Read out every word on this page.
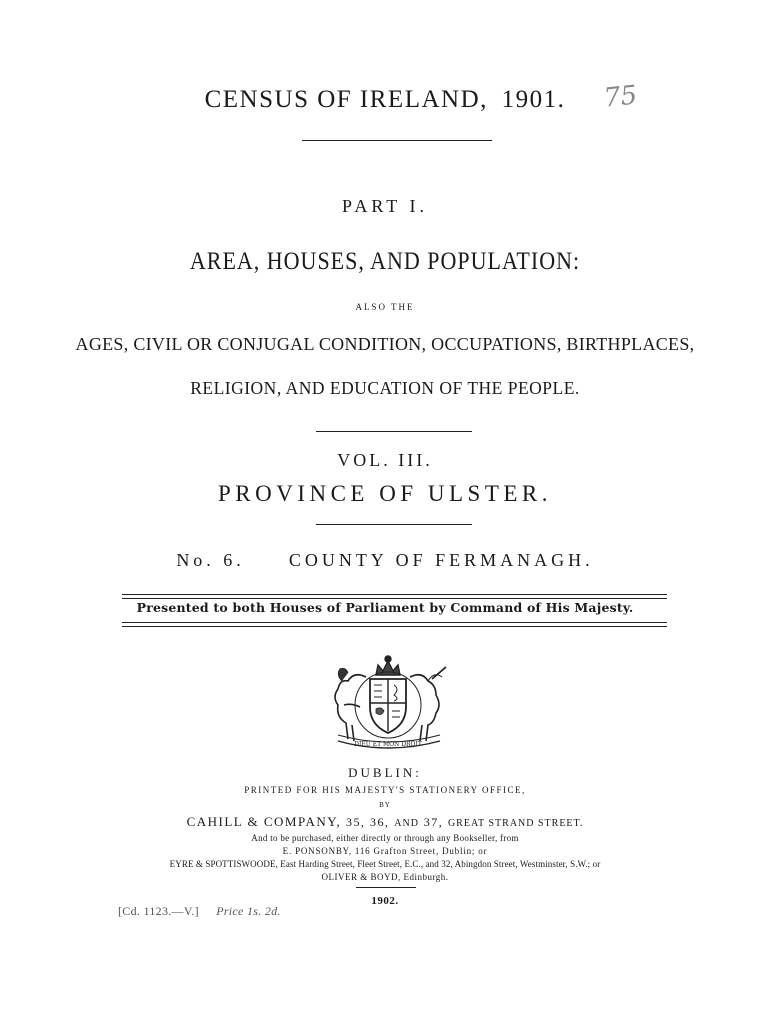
CENSUS OF IRELAND, 1901.	75
PART I.
AREA, HOUSES, AND POPULATION:
ALSO THE
AGES, CIVIL OR CONJUGAL CONDITION, OCCUPATIONS, BIRTHPLACES,
RELIGION, AND EDUCATION OF THE PEOPLE.
VOL. III.
PROVINCE OF ULSTER.
No. 6. COUNTY OF FERMANAGH.
Presented to both Houses of Parliament by Command of His Majesty.
DIEU ET MON DROIT
DUBLIN:
PRINTED FOR HIS MAJESTY'S STATIONERY OFFICE,
BY
CAHILL & COMPANY, 35, 36, AND 37, GREAT STRAND STREET.
And to be purchased, either directly or through any Bookseller, from
E. PONSONBY, 116 Grafton Street, Dublin; or
EYRE & SPOTTISWOODE, East Harding Street, Fleet Street, E.C., and 32, Abingdon Street, Westminster, S.W.; or
OLIVER & BOYD, Edinburgh.
1902.
[Cd. 1123.—V.] Price 1s. 2d.
